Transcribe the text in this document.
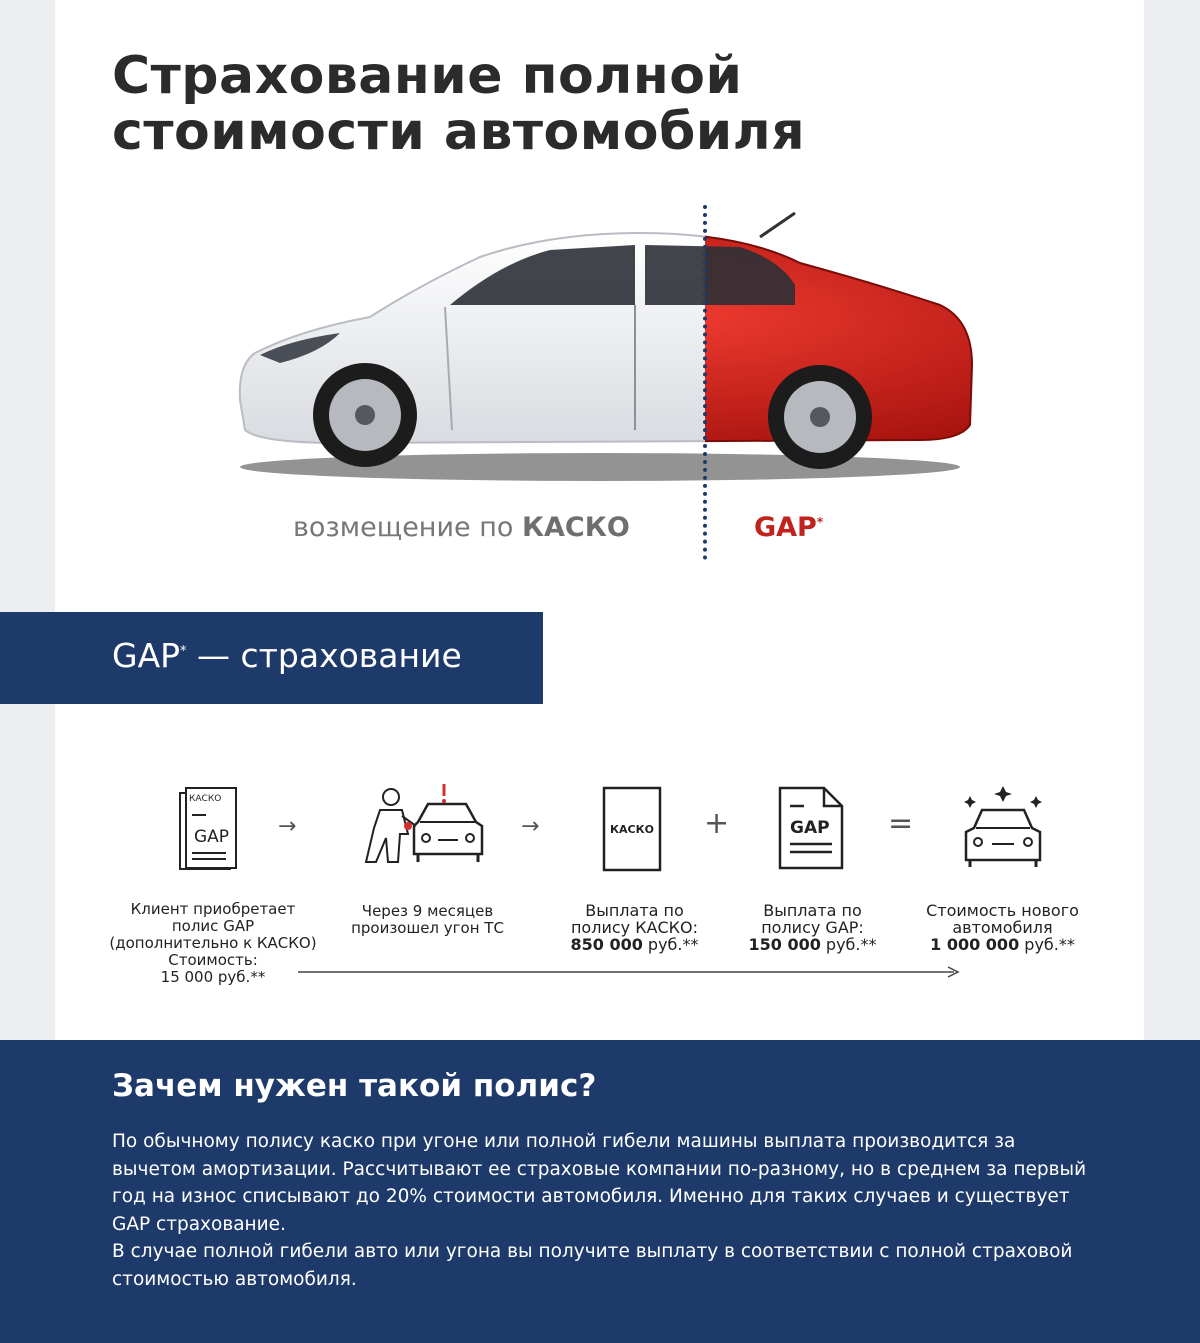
Страхование полной
стоимости автомобиля
возмещение по КАСКО	GAP*
GAP* — страхование
КАСКО
GAP →	→	КАСКО +	GAP =
Клиент приобретает
полис GAP
(дополнительно к КАСКО)
Стоимость:
15 000 руб.**
Через 9 месяцев
произошел угон ТС
Выплата по
полису КАСКО:
850 000 руб.**
Выплата по
полису GAP:
150 000 руб.**
Стоимость нового
автомобиля
1 000 000 руб.**
Зачем нужен такой полис?

По обычному полису каско при угоне или полной гибели машины выплата производится за вычетом амортизации. Рассчитывают ее страховые компании по-разному, но в среднем за первый год на износ списывают до 20% стоимости автомобиля. Именно для таких случаев и существует GAP страхование.

В случае полной гибели авто или угона вы получите выплату в соответствии с полной страховой стоимостью автомобиля.
